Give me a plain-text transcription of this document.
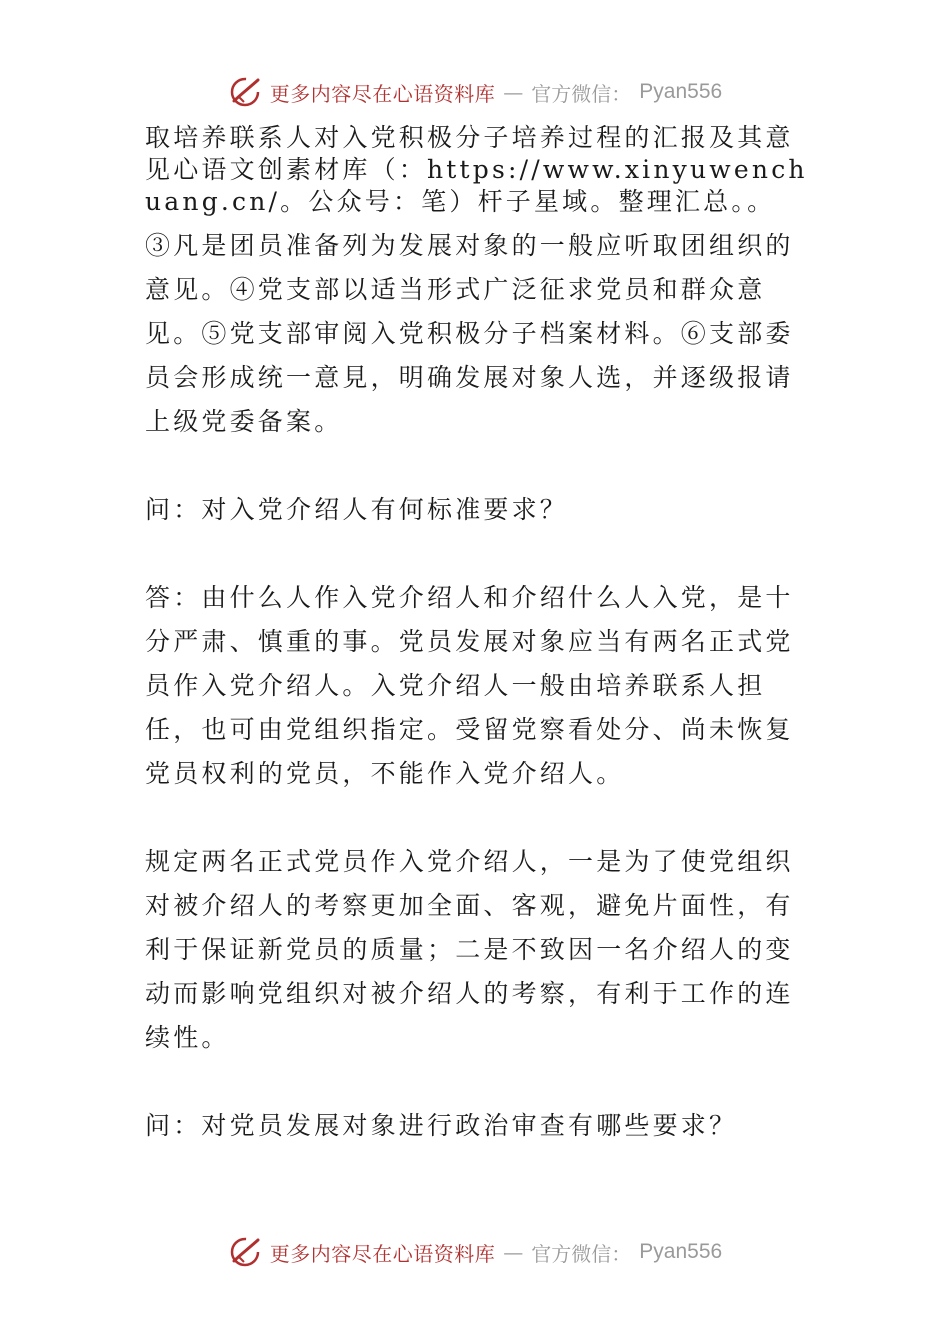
更多内容尽在心语资料库 — 官方微信： Pyan556

取培养联系人对入党积极分子培养过程的汇报及其意见心语文创素材库（：https://www.xinyuwenchuang.cn/。公众号：笔）杆子星域。整理汇总。。

③凡是团员准备列为发展对象的一般应听取团组织的意见。④党支部以适当形式广泛征求党员和群众意见。⑤党支部审阅入党积极分子档案材料。⑥支部委员会形成统一意見，明确发展对象人选，并逐级报请上级党委备案。

问：对入党介绍人有何标准要求？

答：由什么人作入党介绍人和介绍什么人入党，是十分严肃、慎重的事。党员发展对象应当有两名正式党员作入党介绍人。入党介绍人一般由培养联系人担任，也可由党组织指定。受留党察看处分、尚未恢复党员权利的党员，不能作入党介绍人。

规定两名正式党员作入党介绍人，一是为了使党组织对被介绍人的考察更加全面、客观，避免片面性，有利于保证新党员的质量；二是不致因一名介绍人的变动而影响党组织对被介绍人的考察，有利于工作的连续性。

问：对党员发展对象进行政治审查有哪些要求？

更多内容尽在心语资料库 — 官方微信： Pyan556
